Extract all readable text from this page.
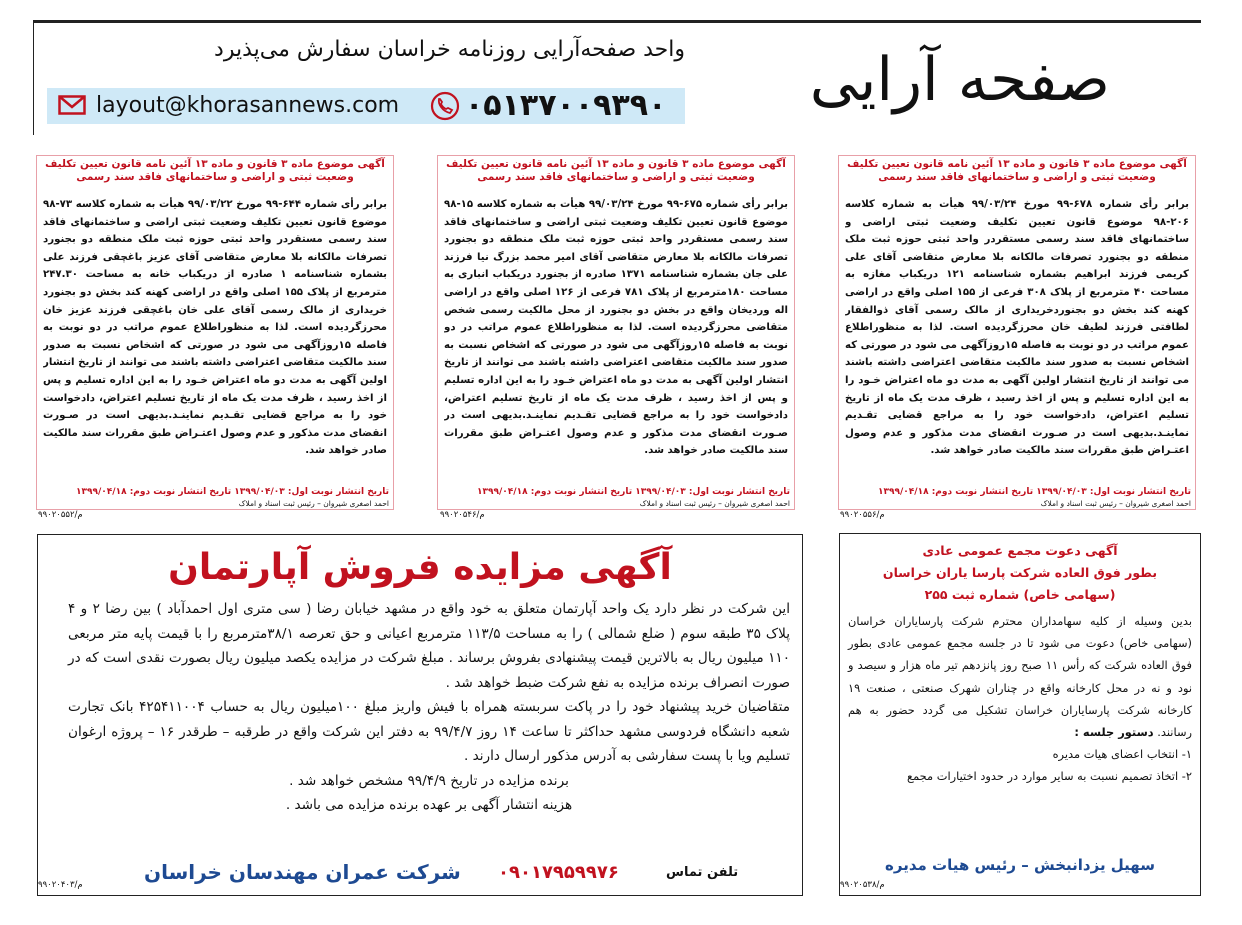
صفحه آرایی
واحد صفحه‌آرایی روزنامه خراسان سفارش می‌پذیرد
layout@khorasannews.com ۰۵۱۳۷۰۰۹۳۹۰
آگهی موضوع ماده ۳ قانون و ماده ۱۳ آئین نامه قانون تعیین تکلیف وضعیت ثبتی و اراضی و ساختمانهای فاقد سند رسمی
برابر رأی شماره ۶۷۸-۹۹ مورخ ۹۹/۰۳/۲۴ هیأت به شماره کلاسه ۲۰۶-۹۸ موضوع قانون تعیین تکلیف وضعیت ثبتی اراضی و ساختمانهای فاقد سند رسمی مستقردر واحد ثبتی حوزه ثبت ملک منطقه دو بجنورد تصرفات مالکانه بلا معارض متقاضی آقای علی کریمی فرزند ابراهیم بشماره شناسنامه ۱۲۱ دریکباب مغازه به مساحت ۴۰ مترمربع از پلاک ۳۰۸ فرعی از ۱۵۵ اصلی واقع در اراضی کهنه کند بخش دو بجنوردخریداری از مالک رسمی آقای ذوالفقار لطافتی فرزند لطیف خان محرزگردیده است. لذا به منظوراطلاع عموم مراتب در دو نوبت به فاصله ۱۵روزآگهی می شود در صورتی که اشخاص نسبت به صدور سند مالکیت متقاضی اعتراضی داشته باشند می توانند از تاریخ انتشار اولین آگهی به مدت دو ماه اعتراض خـود را به این اداره تسلیم و پس از اخذ رسید ، ظرف مدت یک ماه از تاریخ تسلیم اعتراض، دادخواست خود را به مراجع قضایی تقـدیم نماینـد.بدیهی است در صـورت انقضای مدت مذکور و عدم وصول اعتـراض طبق مقررات سند مالکیت صادر خواهد شد.
تاریخ انتشار نوبت اول: ۱۳۹۹/۰۴/۰۳ تاریخ انتشار نوبت دوم: ۱۳۹۹/۰۴/۱۸
احمد اصغری شیروان – رئیس ثبت اسناد و املاک
م/۹۹۰۲۰۵۵۶
آگهی موضوع ماده ۳ قانون و ماده ۱۳ آئین نامه قانون تعیین تکلیف وضعیت ثبتی و اراضی و ساختمانهای فاقد سند رسمی
برابر رأی شماره ۶۷۵-۹۹ مورخ ۹۹/۰۳/۲۴ هیأت به شماره کلاسه ۱۵-۹۸ موضوع قانون تعیین تکلیف وضعیت ثبتی اراضی و ساختمانهای فاقد سند رسمی مستقردر واحد ثبتی حوزه ثبت ملک منطقه دو بجنورد تصرفات مالکانه بلا معارض متقاضی آقای امیر محمد بزرگ نیا فرزند علی جان بشماره شناسنامه ۱۳۷۱ صادره از بجنورد دریکباب انباری به مساحت ۱۸۰مترمربع از پلاک ۷۸۱ فرعی از ۱۲۶ اصلی واقع در اراضی اله وردیخان واقع در بخش دو بجنورد از محل مالکیت رسمی شخص متقاضی محرزگردیده است. لذا به منظوراطلاع عموم مراتب در دو نوبت به فاصله ۱۵روزآگهی می شود در صورتی که اشخاص نسبت به صدور سند مالکیت متقاضی اعتراضی داشته باشند می توانند از تاریخ انتشار اولین آگهی به مدت دو ماه اعتراض خـود را به این اداره تسلیم و پس از اخذ رسید ، ظرف مدت یک ماه از تاریخ تسلیم اعتراض، دادخواست خود را به مراجع قضایی تقـدیم نماینـد.بدیهی است در صـورت انقضای مدت مذکور و عدم وصول اعتـراض طبق مقررات سند مالکیت صادر خواهد شد.
تاریخ انتشار نوبت اول: ۱۳۹۹/۰۴/۰۳ تاریخ انتشار نوبت دوم: ۱۳۹۹/۰۴/۱۸
احمد اصغری شیروان – رئیس ثبت اسناد و املاک
م/۹۹۰۲۰۵۴۶
آگهی موضوع ماده ۳ قانون و ماده ۱۳ آئین نامه قانون تعیین تکلیف وضعیت ثبتی و اراضی و ساختمانهای فاقد سند رسمی
برابر رأی شماره ۶۴۴-۹۹ مورخ ۹۹/۰۳/۲۲ هیأت به شماره کلاسه ۷۳-۹۸ موضوع قانون تعیین تکلیف وضعیت ثبتی اراضی و ساختمانهای فاقد سند رسمی مستقردر واحد ثبتی حوزه ثبت ملک منطقه دو بجنورد تصرفات مالکانه بلا معارض متقاضی آقای عزیز باغچقی فرزند علی بشماره شناسنامه ۱ صادره از دریکباب خانه به مساحت ۲۴۷.۳۰ مترمربع از پلاک ۱۵۵ اصلی واقع در اراضی کهنه کند بخش دو بجنورد خریداری از مالک رسمی آقای علی خان باغچقی فرزند عزیز خان محرزگردیده است. لذا به منظوراطلاع عموم مراتب در دو نوبت به فاصله ۱۵روزآگهی می شود در صورتی که اشخاص نسبت به صدور سند مالکیت متقاضی اعتراضی داشته باشند می توانند از تاریخ انتشار اولین آگهی به مدت دو ماه اعتراض خـود را به این اداره تسلیم و پس از اخذ رسید ، ظرف مدت یک ماه از تاریخ تسلیم اعتراض، دادخواست خود را به مراجع قضایی تقـدیم نماینـد.بدیهی است در صـورت انقضای مدت مذکور و عدم وصول اعتـراض طبق مقررات سند مالکیت صادر خواهد شد.
تاریخ انتشار نوبت اول: ۱۳۹۹/۰۴/۰۳ تاریخ انتشار نوبت دوم: ۱۳۹۹/۰۴/۱۸
احمد اصغری شیروان – رئیس ثبت اسناد و املاک
م/۹۹۰۲۰۵۵۲
آگهی مزایده فروش آپارتمان

این شرکت در نظر دارد یک واحد آپارتمان متعلق به خود واقع در مشهد خیابان رضا ( سی متری اول احمدآباد ) بین رضا ۲ و ۴ پلاک ۳۵ طبقه سوم ( ضلع شمالی ) را به مساحت ۱۱۳/۵ مترمربع اعیانی و حق تعرصه ۳۸/۱مترمربع را با قیمت پایه متر مربعی ۱۱۰ میلیون ریال به بالاترین قیمت پیشنهادی بفروش برساند . مبلغ شرکت در مزایده یکصد میلیون ریال بصورت نقدی است که در صورت انصراف برنده مزایده به نفع شرکت ضبط خواهد شد .

متقاضیان خرید پیشنهاد خود را در پاکت سربسته همراه با فیش واریز مبلغ ۱۰۰میلیون ریال به حساب ۴۲۵۴۱۱۰۰۴ بانک تجارت شعبه دانشگاه فردوسی مشهد حداکثر تا ساعت ۱۴ روز ۹۹/۴/۷ به دفتر این شرکت واقع در طرقبه – طرقدر ۱۶ – پروژه ارغوان تسلیم ویا با پست سفارشی به آدرس مذکور ارسال دارند .

برنده مزایده در تاریخ ۹۹/۴/۹ مشخص خواهد شد .

هزینه انتشار آگهی بر عهده برنده مزایده می باشد .

تلفن تماس
۰۹۰۱۷۹۵۹۹۷۶
شرکت عمران مهندسان خراسان
م/۹۹۰۲۰۴۰۳
آگهی دعوت مجمع عمومی عادی
بطور فوق العاده شرکت پارسا یاران خراسان
(سهامی خاص) شماره ثبت ۲۵۵

بدین وسیله از کلیه سهامداران محترم شرکت پارسایاران خراسان (سهامی خاص) دعوت می شود تا در جلسه مجمع عمومی عادی بطور فوق العاده شرکت که رأس ۱۱ صبح روز پانزدهم تیر ماه هزار و سیصد و نود و نه در محل کارخانه واقع در چناران شهرک صنعتی ، صنعت ۱۹ کارخانه شرکت پارسایاران خراسان تشکیل می گردد حضور به هم رسانند. دستور جلسه :

۱- انتخاب اعضای هیات مدیره

۲- اتخاذ تصمیم نسبت به سایر موارد در حدود اختیارات مجمع

سهیل یزدانبخش – رئیس هیات مدیره
م/۹۹۰۲۰۵۳۸
